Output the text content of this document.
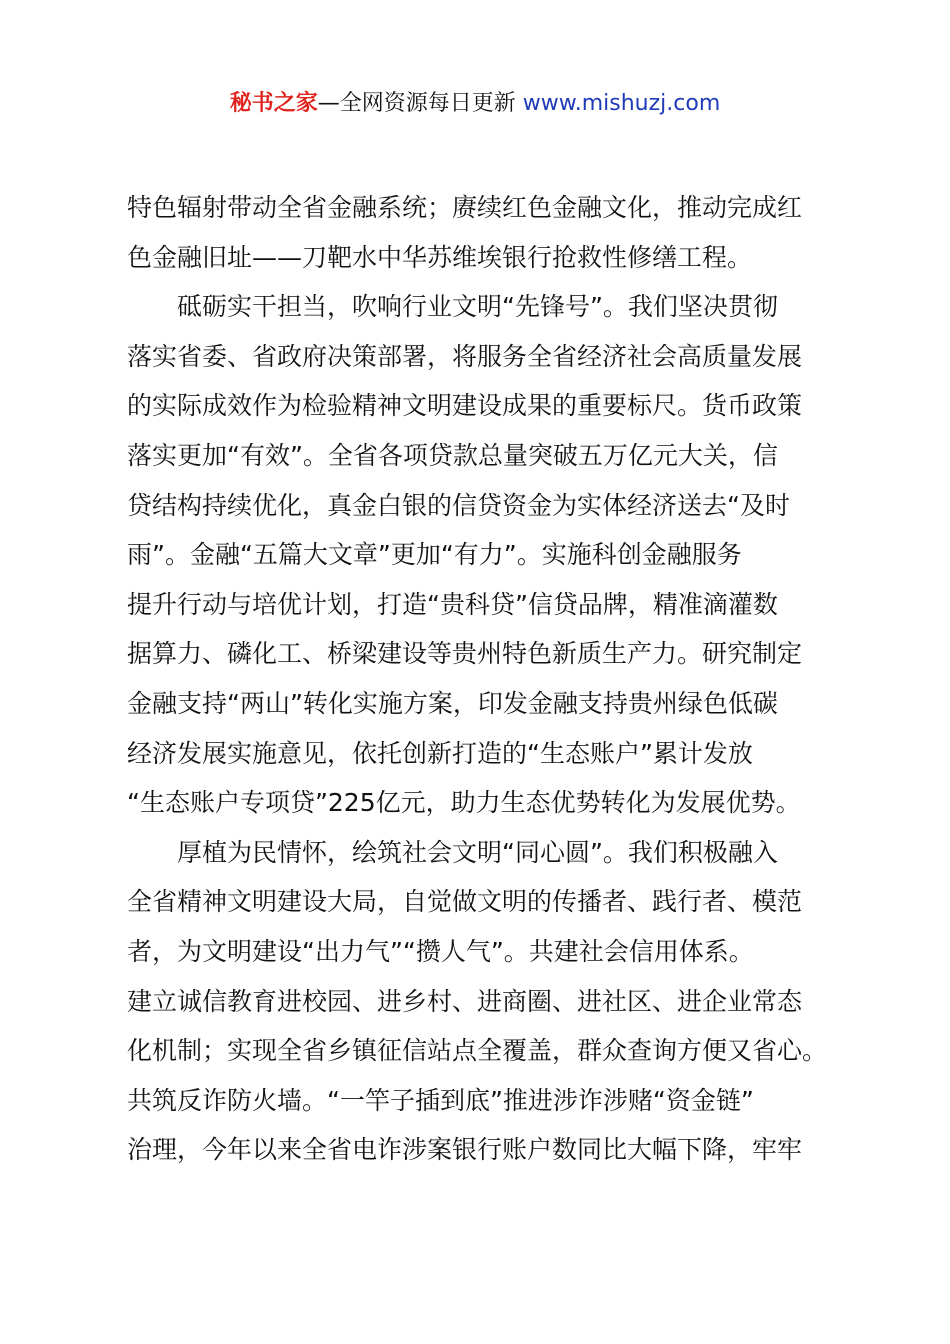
秘书之家—全网资源每日更新 www.mishuzj.com
特色辐射带动全省金融系统；赓续红色金融文化，推动完成红
色金融旧址——刀靶水中华苏维埃银行抢救性修缮工程。
砥砺实干担当，吹响行业文明“先锋号”。我们坚决贯彻
落实省委、省政府决策部署，将服务全省经济社会高质量发展
的实际成效作为检验精神文明建设成果的重要标尺。货币政策
落实更加“有效”。全省各项贷款总量突破五万亿元大关，信
贷结构持续优化，真金白银的信贷资金为实体经济送去“及时
雨”。金融“五篇大文章”更加“有力”。实施科创金融服务
提升行动与培优计划，打造“贵科贷”信贷品牌，精准滴灌数
据算力、磷化工、桥梁建设等贵州特色新质生产力。研究制定
金融支持“两山”转化实施方案，印发金融支持贵州绿色低碳
经济发展实施意见，依托创新打造的“生态账户”累计发放
“生态账户专项贷”225亿元，助力生态优势转化为发展优势。
厚植为民情怀，绘筑社会文明“同心圆”。我们积极融入
全省精神文明建设大局，自觉做文明的传播者、践行者、模范
者，为文明建设“出力气”“攒人气”。共建社会信用体系。
建立诚信教育进校园、进乡村、进商圈、进社区、进企业常态
化机制；实现全省乡镇征信站点全覆盖，群众查询方便又省心。
共筑反诈防火墙。“一竿子插到底”推进涉诈涉赌“资金链”
治理，今年以来全省电诈涉案银行账户数同比大幅下降，牢牢
